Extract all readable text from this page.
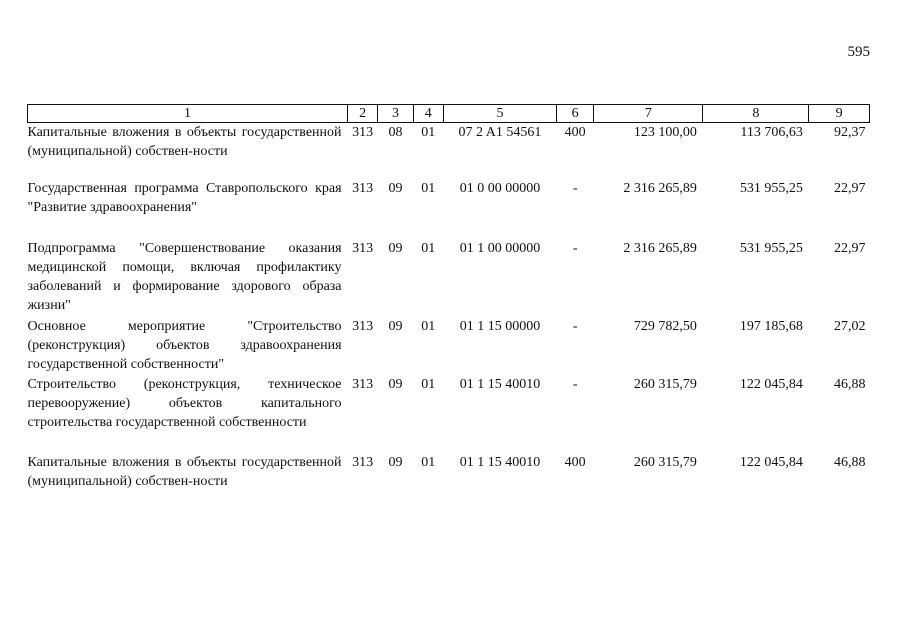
595
1	2	3	4	5	6	7	8	9
Капитальные вложения в объекты государственной (муниципальной) собствен-ности	313	08	01	07 2 A1 54561	400	123 100,00	113 706,63	92,37
Государственная программа Ставропольского края "Развитие здравоохранения"	313	09	01	01 0 00 00000	-	2 316 265,89	531 955,25	22,97
Подпрограмма "Совершенствование оказания медицинской помощи, включая профилактику заболеваний и формирование здорового образа жизни"	313	09	01	01 1 00 00000	-	2 316 265,89	531 955,25	22,97
Основное мероприятие "Строительство (реконструкция) объектов здравоохранения государственной собственности"	313	09	01	01 1 15 00000	-	729 782,50	197 185,68	27,02
Строительство (реконструкция, техническое перевооружение) объектов капитального строительства государственной собственности	313	09	01	01 1 15 40010	-	260 315,79	122 045,84	46,88
Капитальные вложения в объекты государственной (муниципальной) собствен-ности	313	09	01	01 1 15 40010	400	260 315,79	122 045,84	46,88
